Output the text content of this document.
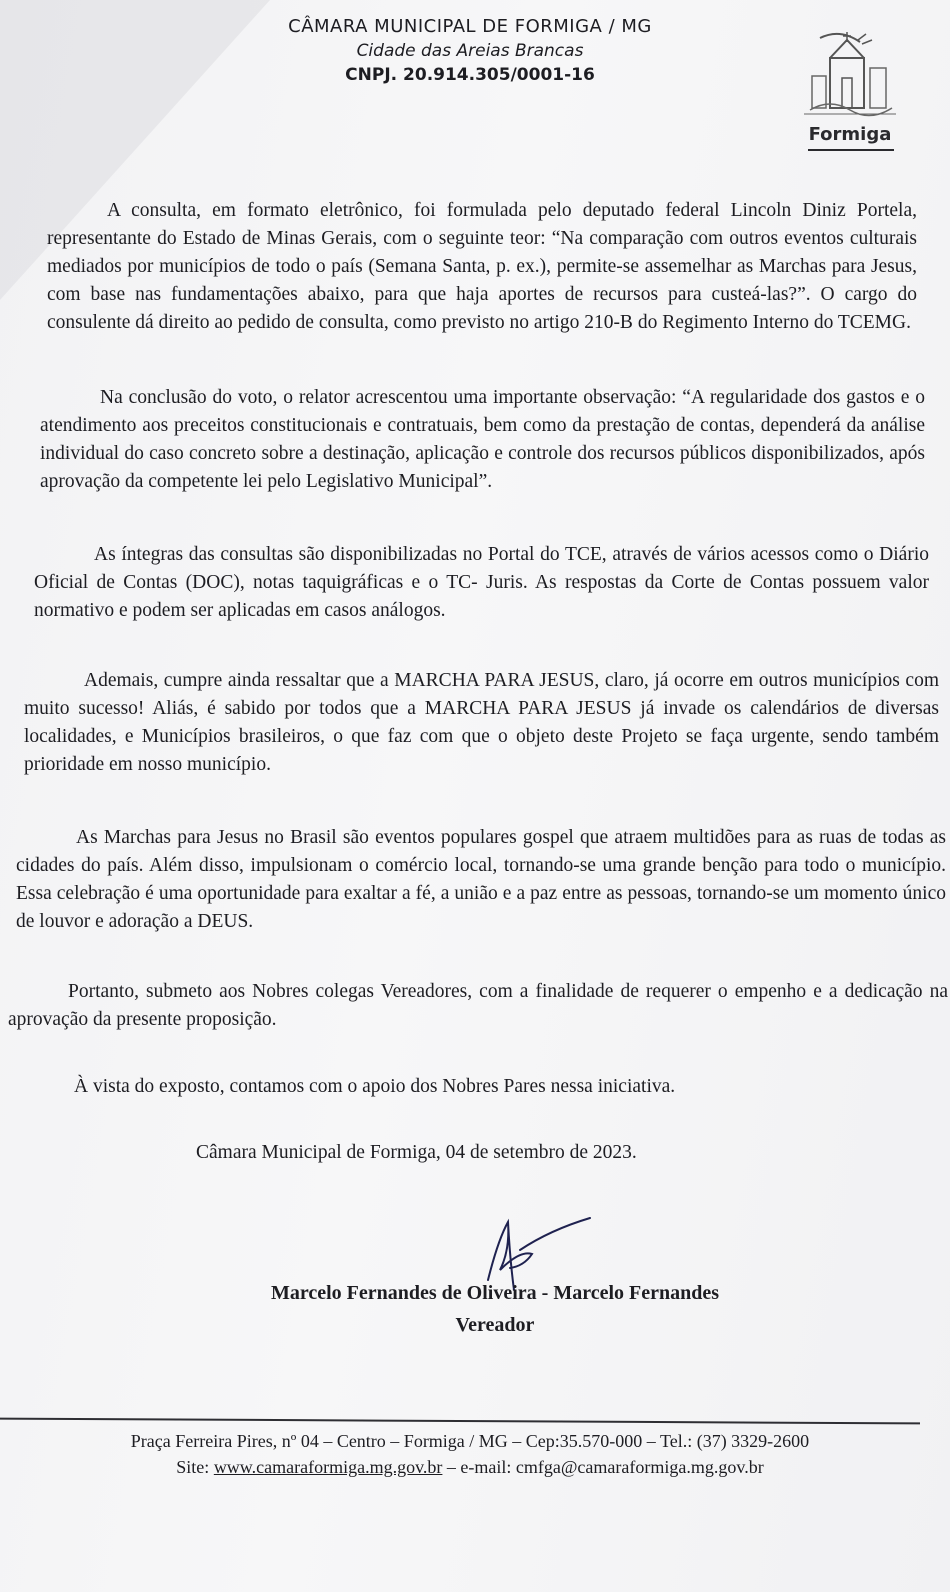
CÂMARA MUNICIPAL DE FORMIGA / MG
Cidade das Areias Brancas
CNPJ. 20.914.305/0001-16
Formiga

A consulta, em formato eletrônico, foi formulada pelo deputado federal Lincoln Diniz Portela, representante do Estado de Minas Gerais, com o seguinte teor: “Na comparação com outros eventos culturais mediados por municípios de todo o país (Semana Santa, p. ex.), permite-se assemelhar as Marchas para Jesus, com base nas fundamentações abaixo, para que haja aportes de recursos para custeá-las?”. O cargo do consulente dá direito ao pedido de consulta, como previsto no artigo 210-B do Regimento Interno do TCEMG.

Na conclusão do voto, o relator acrescentou uma importante observação: “A regularidade dos gastos e o atendimento aos preceitos constitucionais e contratuais, bem como da prestação de contas, dependerá da análise individual do caso concreto sobre a destinação, aplicação e controle dos recursos públicos disponibilizados, após aprovação da competente lei pelo Legislativo Municipal”.

As íntegras das consultas são disponibilizadas no Portal do TCE, através de vários acessos como o Diário Oficial de Contas (DOC), notas taquigráficas e o TC- Juris. As respostas da Corte de Contas possuem valor normativo e podem ser aplicadas em casos análogos.

Ademais, cumpre ainda ressaltar que a MARCHA PARA JESUS, claro, já ocorre em outros municípios com muito sucesso! Aliás, é sabido por todos que a MARCHA PARA JESUS já invade os calendários de diversas localidades, e Municípios brasileiros, o que faz com que o objeto deste Projeto se faça urgente, sendo também prioridade em nosso município.

As Marchas para Jesus no Brasil são eventos populares gospel que atraem multidões para as ruas de todas as cidades do país. Além disso, impulsionam o comércio local, tornando-se uma grande benção para todo o município. Essa celebração é uma oportunidade para exaltar a fé, a união e a paz entre as pessoas, tornando-se um momento único de louvor e adoração a DEUS.

Portanto, submeto aos Nobres colegas Vereadores, com a finalidade de requerer o empenho e a dedicação na aprovação da presente proposição.

À vista do exposto, contamos com o apoio dos Nobres Pares nessa iniciativa.

Câmara Municipal de Formiga, 04 de setembro de 2023.

Marcelo Fernandes de Oliveira - Marcelo Fernandes
Vereador
Praça Ferreira Pires, nº 04 – Centro – Formiga / MG – Cep:35.570-000 – Tel.: (37) 3329-2600
Site: www.camaraformiga.mg.gov.br – e-mail: cmfga@camaraformiga.mg.gov.br
